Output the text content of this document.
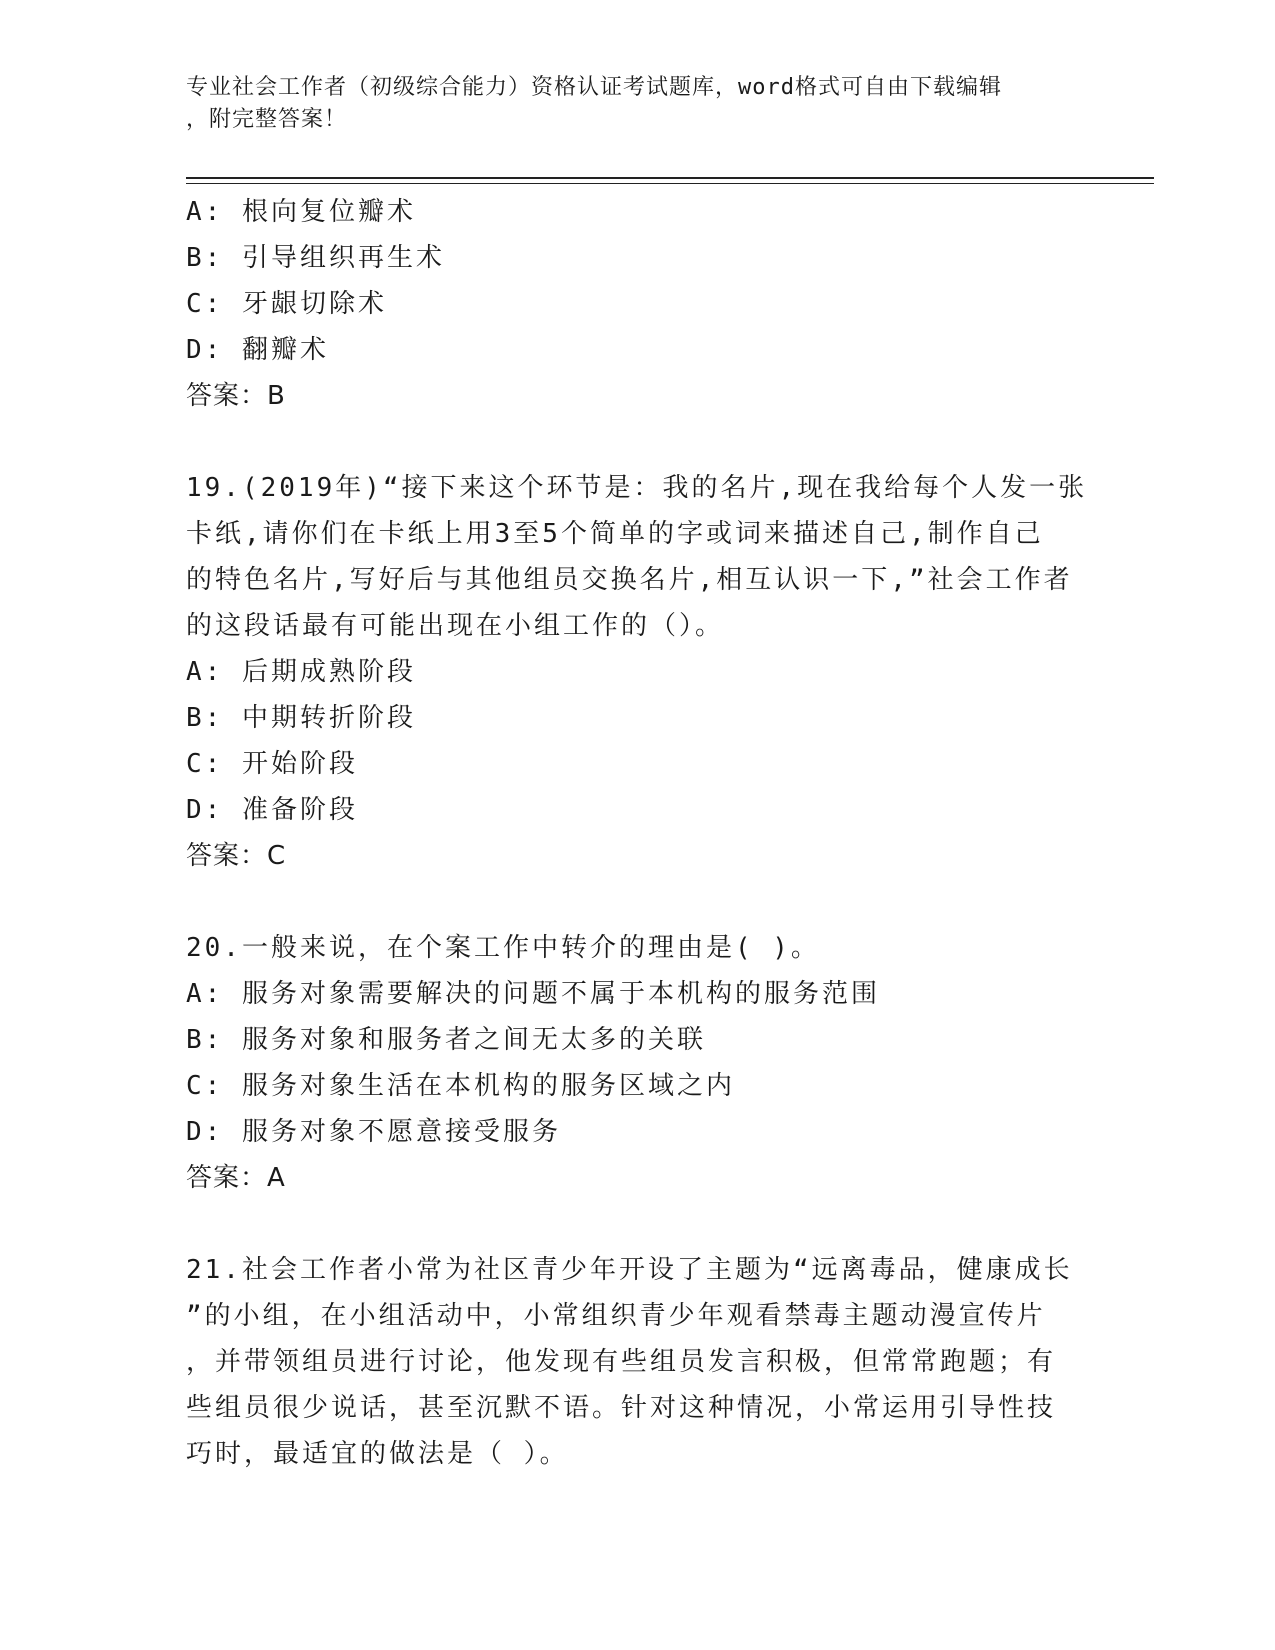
专业社会工作者（初级综合能力）资格认证考试题库，word格式可自由下载编辑

，附完整答案！

A: 根向复位瓣术
B: 引导组织再生术
C: 牙龈切除术
D: 翻瓣术
答案：B
19.(2019年)“接下来这个环节是：我的名片,现在我给每个人发一张
卡纸,请你们在卡纸上用3至5个简单的字或词来描述自己,制作自己
的特色名片,写好后与其他组员交换名片,相互认识一下,”社会工作者
的这段话最有可能出现在小组工作的（）。
A: 后期成熟阶段
B: 中期转折阶段
C: 开始阶段
D: 准备阶段
答案：C
20.一般来说，在个案工作中转介的理由是( )。
A: 服务对象需要解决的问题不属于本机构的服务范围
B: 服务对象和服务者之间无太多的关联
C: 服务对象生活在本机构的服务区域之内
D: 服务对象不愿意接受服务
答案：A
21.社会工作者小常为社区青少年开设了主题为“远离毒品，健康成长
”的小组，在小组活动中，小常组织青少年观看禁毒主题动漫宣传片
，并带领组员进行讨论，他发现有些组员发言积极，但常常跑题；有
些组员很少说话，甚至沉默不语。针对这种情况，小常运用引导性技
巧时，最适宜的做法是（ ）。
